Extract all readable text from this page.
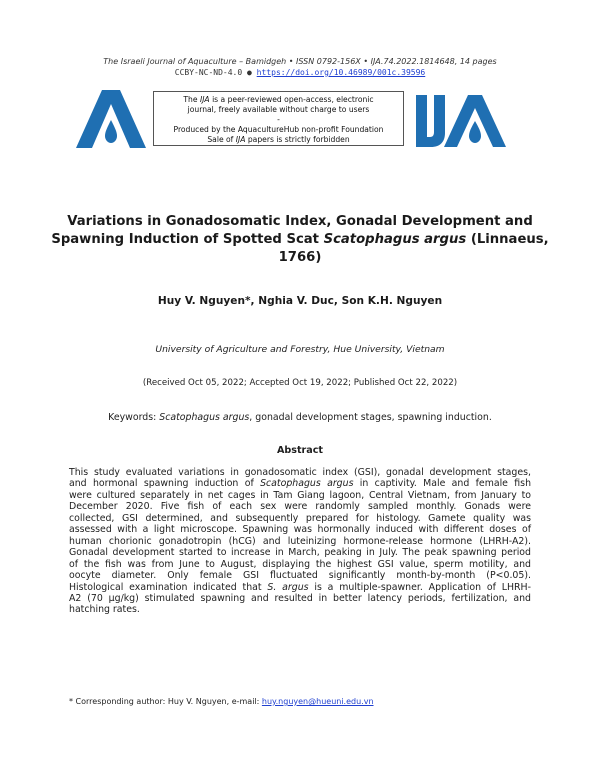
The Israeli Journal of Aquaculture – Bamidgeh • ISSN 0792-156X • IJA.74.2022.1814648, 14 pages
CCBY-NC-ND-4.0 ● https://doi.org/10.46989/001c.39596
The IJA is a peer-reviewed open-access, electronic
journal, freely available without charge to users
-
Produced by the AquacultureHub non-profit Foundation
Sale of IJA papers is strictly forbidden
Variations in Gonadosomatic Index, Gonadal Development and Spawning Induction of Spotted Scat Scatophagus argus (Linnaeus, 1766)
Huy V. Nguyen*, Nghia V. Duc, Son K.H. Nguyen
University of Agriculture and Forestry, Hue University, Vietnam
(Received Oct 05, 2022; Accepted Oct 19, 2022; Published Oct 22, 2022)
Keywords: Scatophagus argus, gonadal development stages, spawning induction.
Abstract
This study evaluated variations in gonadosomatic index (GSI), gonadal development stages,
and hormonal spawning induction of Scatophagus argus in captivity. Male and female fish
were cultured separately in net cages in Tam Giang lagoon, Central Vietnam, from January to
December 2020. Five fish of each sex were randomly sampled monthly. Gonads were
collected, GSI determined, and subsequently prepared for histology. Gamete quality was
assessed with a light microscope. Spawning was hormonally induced with different doses of
human chorionic gonadotropin (hCG) and luteinizing hormone-release hormone (LHRH-A2).
Gonadal development started to increase in March, peaking in July. The peak spawning period
of the fish was from June to August, displaying the highest GSI value, sperm motility, and
oocyte diameter. Only female GSI fluctuated significantly month-by-month (P<0.05).
Histological examination indicated that S. argus is a multiple-spawner. Application of LHRH-
A2 (70 µg/kg) stimulated spawning and resulted in better latency periods, fertilization, and
hatching rates.
* Corresponding author: Huy V. Nguyen, e-mail: huy.nguyen@hueuni.edu.vn
